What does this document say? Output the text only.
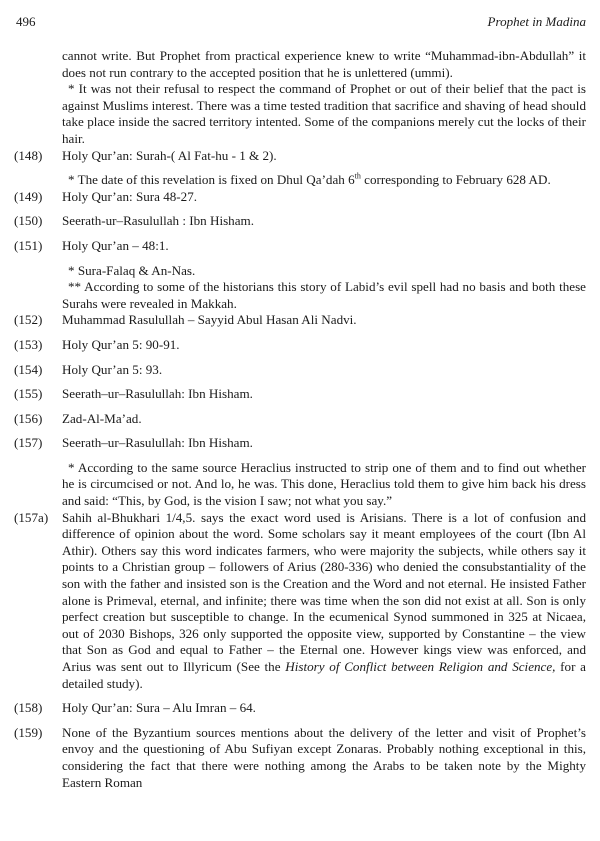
496	Prophet in Madina

cannot write. But Prophet from practical experience knew to write “Muhammad-ibn-Abdullah” it does not run contrary to the accepted position that he is unlettered (ummi).

* It was not their refusal to respect the command of Prophet or out of their belief that the pact is against Muslims interest. There was a time tested tradition that sacrifice and shaving of head should take place inside the sacred territory intented. Some of the companions merely cut the locks of their hair.

(148)	Holy Qur’an: Surah-( Al Fat-hu - 1 & 2).

* The date of this revelation is fixed on Dhul Qa’dah 6th corresponding to February 628 AD.

(149)	Holy Qur’an: Sura 48-27.
(150)	Seerath-ur–Rasulullah : Ibn Hisham.
(151)	Holy Qur’an – 48:1.

* Sura-Falaq & An-Nas.

** According to some of the historians this story of Labid’s evil spell had no basis and both these Surahs were revealed in Makkah.

(152)	Muhammad Rasulullah – Sayyid Abul Hasan Ali Nadvi.
(153)	Holy Qur’an 5: 90-91.
(154)	Holy Qur’an 5: 93.
(155)	Seerath–ur–Rasulullah: Ibn Hisham.
(156)	Zad-Al-Ma’ad.
(157)	Seerath–ur–Rasulullah: Ibn Hisham.

* According to the same source Heraclius instructed to strip one of them and to find out whether he is circumcised or not. And lo, he was. This done, Heraclius told them to give him back his dress and said: “This, by God, is the vision I saw; not what you say.”

(157a)	Sahih al-Bhukhari 1/4,5. says the exact word used is Arisians. There is a lot of confusion and difference of opinion about the word. Some scholars say it meant employees of the court (Ibn Al Athir). Others say this word indicates farmers, who were majority the subjects, while others say it points to a Christian group – followers of Arius (280-336) who denied the consubstantiality of the son with the father and insisted son is the Creation and the Word and not eternal. He insisted Father alone is Primeval, eternal, and infinite; there was time when the son did not exist at all. Son is only perfect creation but susceptible to change. In the ecumenical Synod summoned in 325 at Nicaea, out of 2030 Bishops, 326 only supported the opposite view, supported by Constantine – the view that Son as God and equal to Father – the Eternal one. However kings view was enforced, and Arius was sent out to Illyricum (See the History of Conflict between Religion and Science, for a detailed study).
(158)	Holy Qur’an: Sura – Alu Imran – 64.
(159)	None of the Byzantium sources mentions about the delivery of the letter and visit of Prophet’s envoy and the questioning of Abu Sufiyan except Zonaras. Probably nothing exceptional in this, considering the fact that there were nothing among the Arabs to be taken note by the Mighty Eastern Roman
